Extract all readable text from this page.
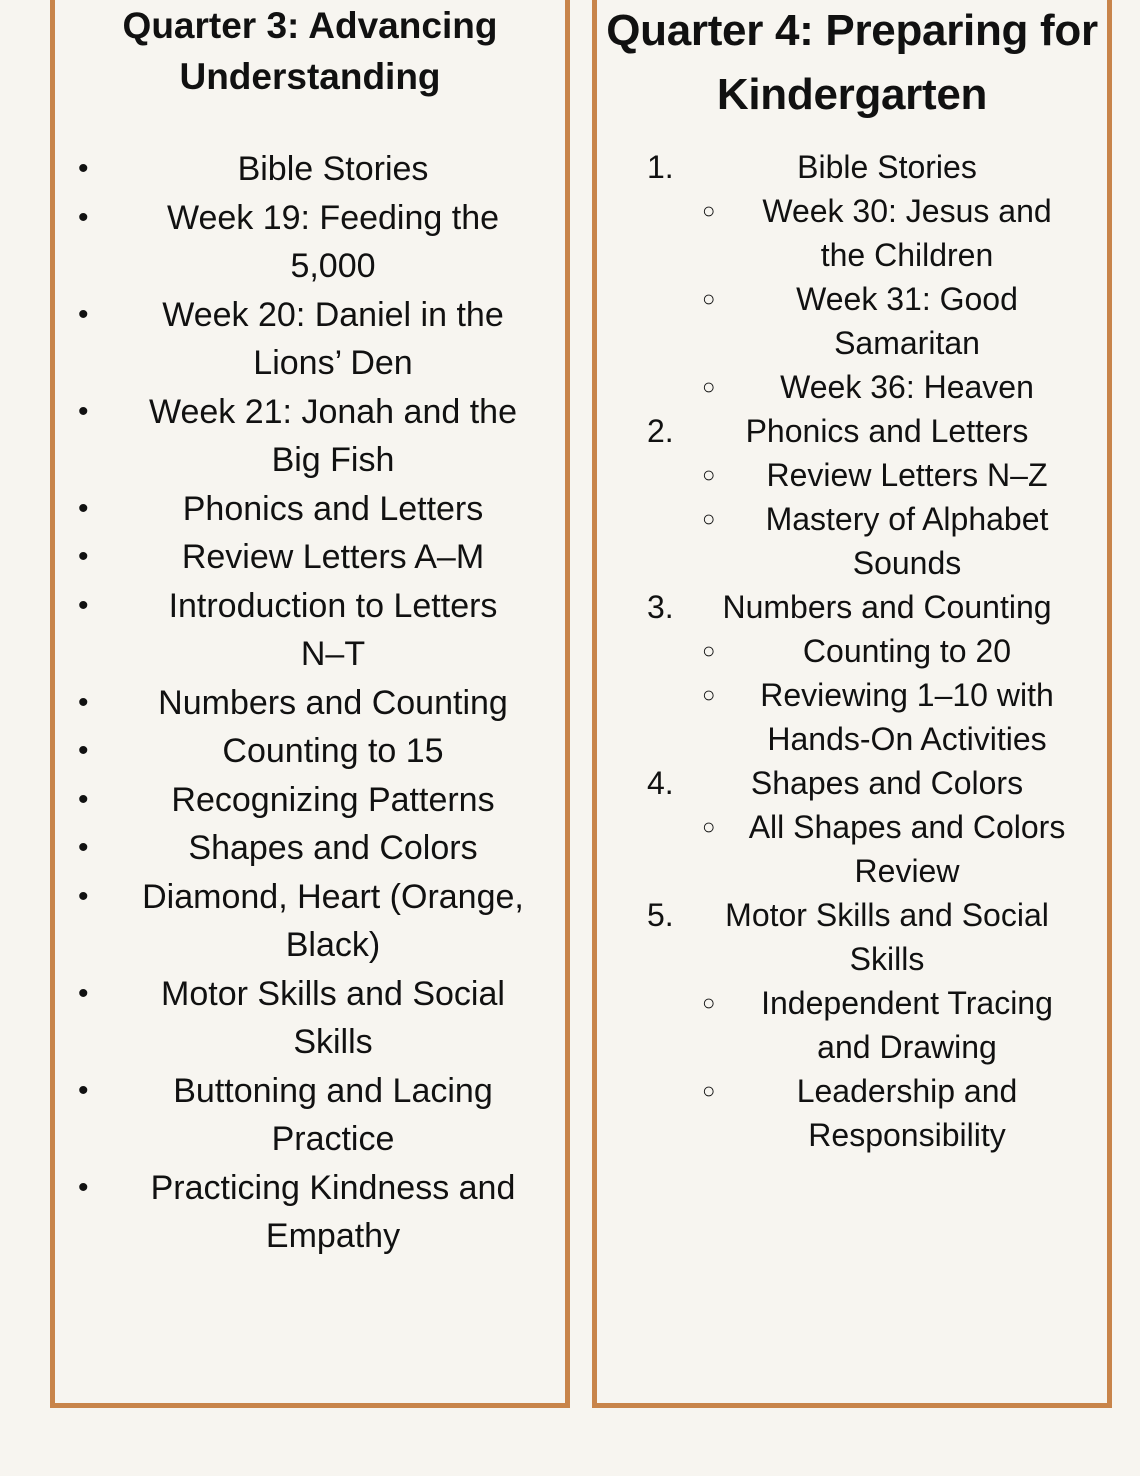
Quarter 3: Advancing
Understanding
•	Bible Stories
• Week 19: Feeding the
5,000
• Week 20: Daniel in the
Lions’ Den
• Week 21: Jonah and the
Big Fish
•	Phonics and Letters
•	Review Letters A–M
• Introduction to Letters
N–T
• Numbers and Counting
•	Counting to 15
• Recognizing Patterns
•	Shapes and Colors
• Diamond, Heart (Orange,
Black)
• Motor Skills and Social
Skills
• Buttoning and Lacing
Practice
• Practicing Kindness and
Empathy
Quarter 4: Preparing for
Kindergarten
1.	Bible Stories
○ Week 30: Jesus and
the Children
○	Week 31: Good
Samaritan
○ Week 36: Heaven
2. Phonics and Letters
○ Review Letters N–Z
○ Mastery of Alphabet
Sounds
3. Numbers and Counting
○	Counting to 20
○ Reviewing 1–10 with
Hands-On Activities
4. Shapes and Colors
○ All Shapes and Colors
Review
5. Motor Skills and Social
Skills
○ Independent Tracing
and Drawing
○	Leadership and
Responsibility
